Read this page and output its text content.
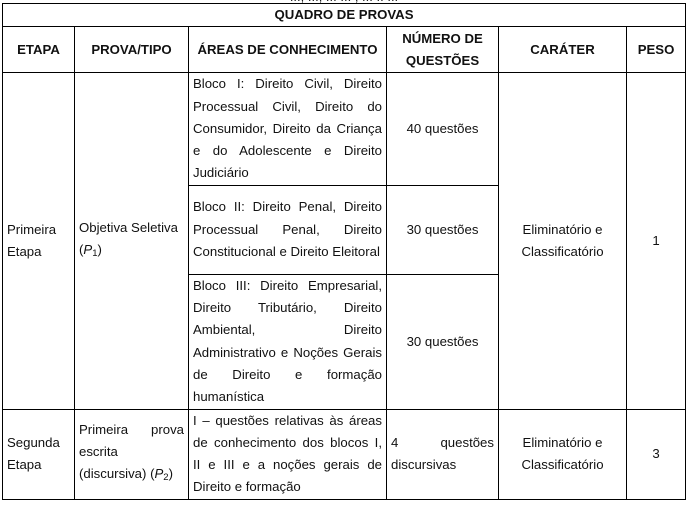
QUADRO DE PROVAS					
ETAPA	PROVA/TIPO	ÁREAS DE CONHECIMENTO	NÚMERO DE QUESTÕES	CARÁTER	PESO
Primeira Etapa	Objetiva Seletiva $(P_1)$	Bloco I: Direito Civil, Direito Processual Civil, Direito do Consumidor, Direito da Criança e do Adolescente e Direito Judiciário	40 questões	Eliminatório e Classificatório	1
		Bloco II: Direito Penal, Direito Processual Penal, Direito Constitucional e Direito Eleitoral	30 questões		
		Bloco III: Direito Empresarial, Direito Tributário, Direito Ambiental, Direito Administrativo e Noções Gerais de Direito e formação humanística	30 questões		
Segunda Etapa	Primeira prova escrita (discursiva) $(P_2)$	I – questões relativas às áreas de conhecimento dos blocos I, II e III e a noções gerais de Direito e formação	4 questões discursivas	Eliminatório e Classificatório	3
